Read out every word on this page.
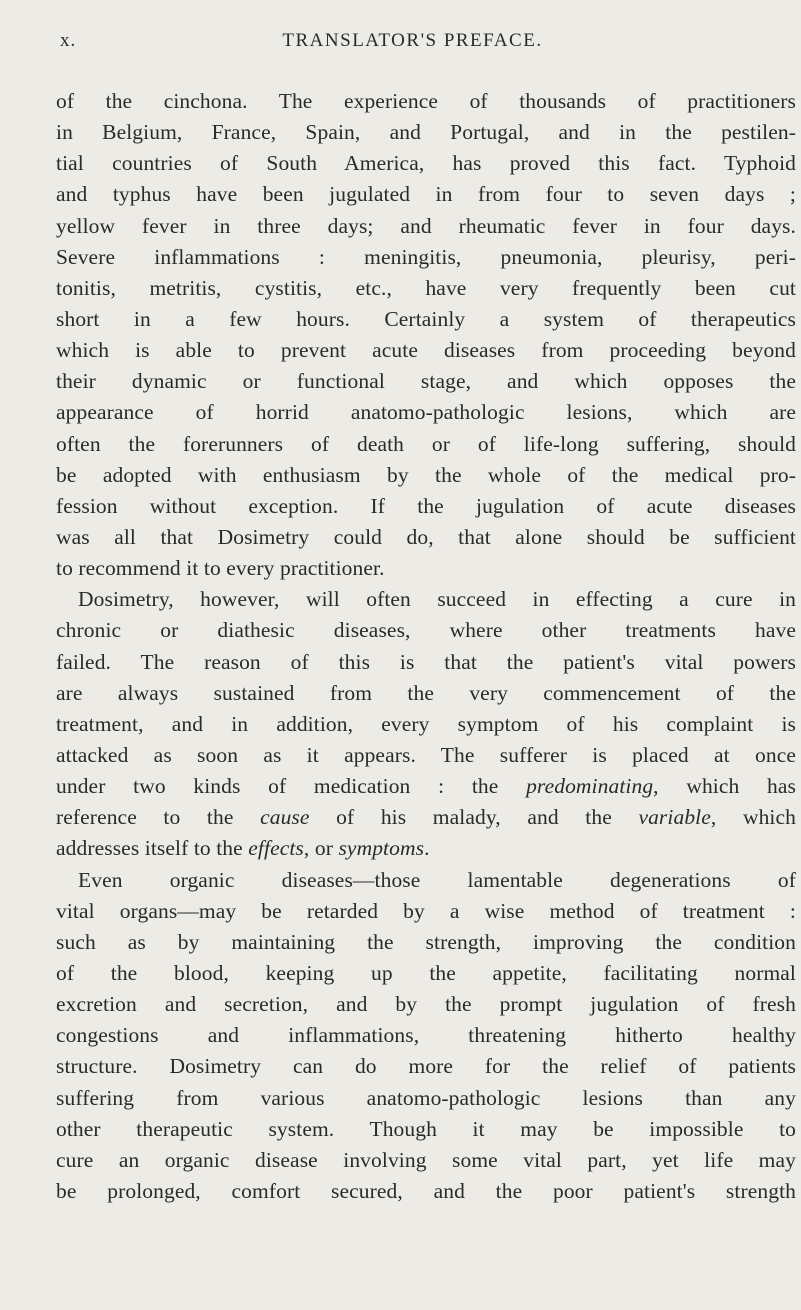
x.	TRANSLATOR'S PREFACE.
of the cinchona. The experience of thousands of practitioners
in Belgium, France, Spain, and Portugal, and in the pestilen-
tial countries of South America, has proved this fact. Typhoid
and typhus have been jugulated in from four to seven days ;
yellow fever in three days; and rheumatic fever in four days.
Severe inflammations : meningitis, pneumonia, pleurisy, peri-
tonitis, metritis, cystitis, etc., have very frequently been cut
short in a few hours. Certainly a system of therapeutics
which is able to prevent acute diseases from proceeding beyond
their dynamic or functional stage, and which opposes the
appearance of horrid anatomo-pathologic lesions, which are
often the forerunners of death or of life-long suffering, should
be adopted with enthusiasm by the whole of the medical pro-
fession without exception. If the jugulation of acute diseases
was all that Dosimetry could do, that alone should be sufficient
to recommend it to every practitioner.
Dosimetry, however, will often succeed in effecting a cure in
chronic or diathesic diseases, where other treatments have
failed. The reason of this is that the patient's vital powers
are always sustained from the very commencement of the
treatment, and in addition, every symptom of his complaint is
attacked as soon as it appears. The sufferer is placed at once
under two kinds of medication : the predominating, which has
reference to the cause of his malady, and the variable, which
addresses itself to the effects, or symptoms.
Even organic diseases—those lamentable degenerations of
vital organs—may be retarded by a wise method of treatment :
such as by maintaining the strength, improving the condition
of the blood, keeping up the appetite, facilitating normal
excretion and secretion, and by the prompt jugulation of fresh
congestions and inflammations, threatening hitherto healthy
structure. Dosimetry can do more for the relief of patients
suffering from various anatomo-pathologic lesions than any
other therapeutic system. Though it may be impossible to
cure an organic disease involving some vital part, yet life may
be prolonged, comfort secured, and the poor patient's strength
